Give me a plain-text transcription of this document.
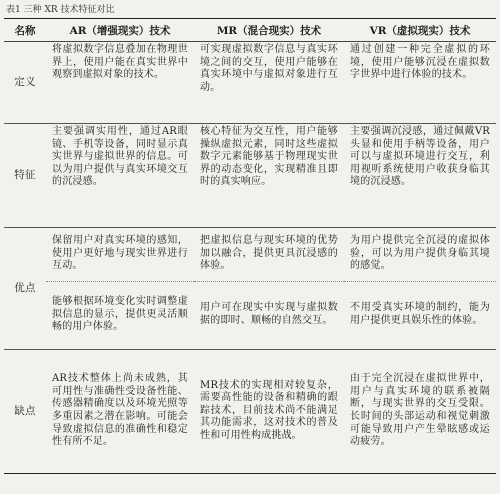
表1 三种 XR 技术特征对比
名称	AR（增强现实）技术	MR（混合现实）技术	VR（虚拟现实）技术
定义	将虚拟数字信息叠加在物理世界上，使用户能在真实世界中观察到虚拟对象的技术。	可实现虚拟数字信息与真实环境之间的交互，使用户能够在真实环境中与虚拟对象进行互动。	通过创建一种完全虚拟的环境，使用户能够沉浸在虚拟数字世界中进行体验的技术。
特征	主要强调实用性，通过AR眼镜、手机等设备，同时显示真实世界与虚拟世界的信息。可以为用户提供与真实环境交互的沉浸感。	核心特征为交互性，用户能够操纵虚拟元素，同时这些虚拟数字元素能够基于物理现实世界的动态变化，实现精准且即时的真实响应。	主要强调沉浸感，通过佩戴VR头显和使用手柄等设备，用户可以与虚拟环境进行交互，利用视听系统使用户收获身临其境的沉浸感。
优点	保留用户对真实环境的感知，使用户更好地与现实世界进行互动。	把虚拟信息与现实环境的优势加以融合，提供更具沉浸感的体验。	为用户提供完全沉浸的虚拟体验，可以为用户提供身临其境的感觉。
	能够根据环境变化实时调整虚拟信息的显示，提供更灵活顺畅的用户体验。	用户可在现实中实现与虚拟数据的即时、顺畅的自然交互。	不用受真实环境的制约，能为用户提供更具娱乐性的体验。
缺点	AR技术整体上尚未成熟，其可用性与准确性受设备性能、传感器精确度以及环境光照等多重因素之潜在影响。可能会导致虚拟信息的准确性和稳定性有所不足。	MR技术的实现相对较复杂，需要高性能的设备和精确的跟踪技术，目前技术尚不能满足其功能需求，这对技术的普及性和可用性构成挑战。	由于完全沉浸在虚拟世界中，用户与真实环境的联系被隔断，与现实世界的交互受限。长时间的头部运动和视觉刺激可能导致用户产生晕眩感或运动疲劳。
